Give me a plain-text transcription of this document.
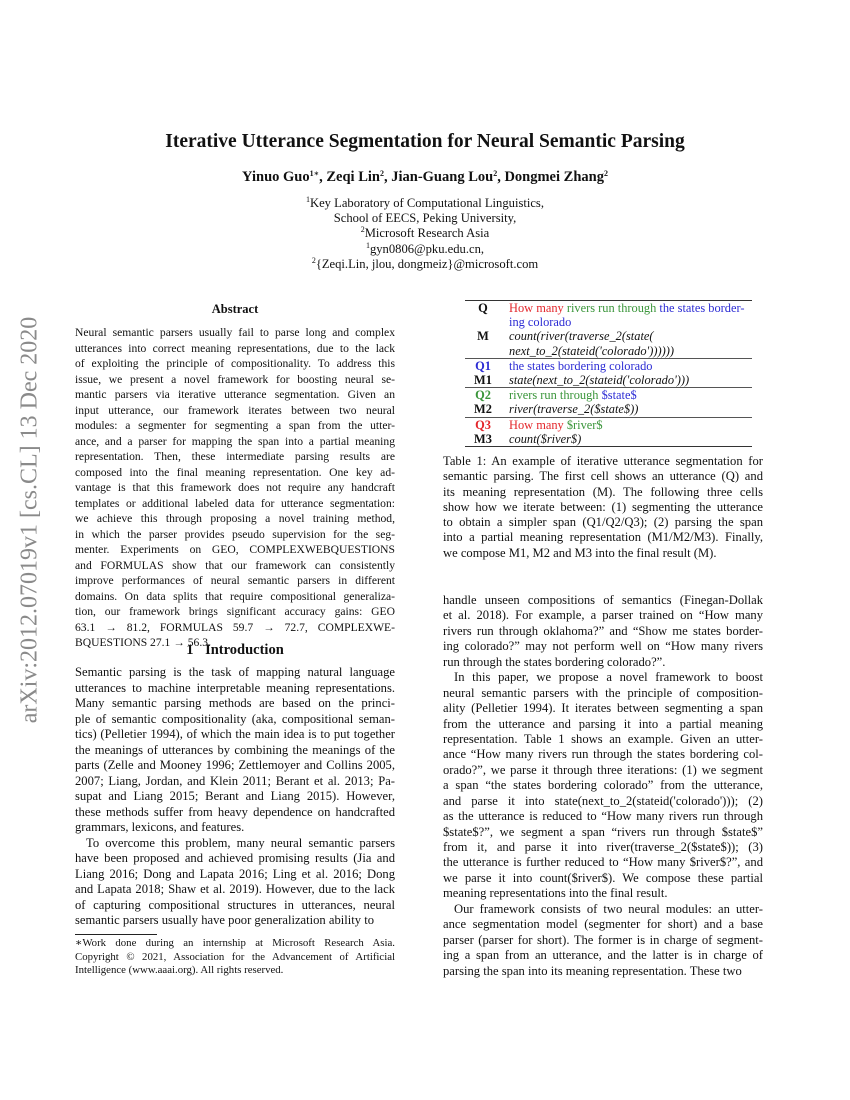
Iterative Utterance Segmentation for Neural Semantic Parsing
Yinuo Guo$^{1∗}$, Zeqi Lin$^2$, Jian-Guang Lou$^2$, Dongmei Zhang$^2$
$^1$Key Laboratory of Computational Linguistics,
School of EECS, Peking University,
$^2$Microsoft Research Asia
$^1$gyn0806@pku.edu.cn,
$^2${Zeqi.Lin, jlou, dongmeiz}@microsoft.com
arXiv:2012.07019v1 [cs.CL] 13 Dec 2020
Abstract
Neural semantic parsers usually fail to parse long and complex
utterances into correct meaning representations, due to the lack
of exploiting the principle of compositionality. To address this
issue, we present a novel framework for boosting neural se-
mantic parsers via iterative utterance segmentation. Given an
input utterance, our framework iterates between two neural
modules: a segmenter for segmenting a span from the utter-
ance, and a parser for mapping the span into a partial meaning
representation. Then, these intermediate parsing results are
composed into the final meaning representation. One key ad-
vantage is that this framework does not require any handcraft
templates or additional labeled data for utterance segmentation:
we achieve this through proposing a novel training method,
in which the parser provides pseudo supervision for the seg-
menter. Experiments on GEO, COMPLEXWEBQUESTIONS
and FORMULAS show that our framework can consistently
improve performances of neural semantic parsers in different
domains. On data splits that require compositional generaliza-
tion, our framework brings significant accuracy gains: GEO
63.1 → 81.2, FORMULAS 59.7 → 72.7, COMPLEXWE-
BQUESTIONS 27.1 → 56.3.
1 Introduction
Semantic parsing is the task of mapping natural language
utterances to machine interpretable meaning representations.
Many semantic parsing methods are based on the princi-
ple of semantic compositionality (aka, compositional seman-
tics) (Pelletier 1994), of which the main idea is to put together
the meanings of utterances by combining the meanings of the
parts (Zelle and Mooney 1996; Zettlemoyer and Collins 2005,
2007; Liang, Jordan, and Klein 2011; Berant et al. 2013; Pa-
supat and Liang 2015; Berant and Liang 2015). However,
these methods suffer from heavy dependence on handcrafted
grammars, lexicons, and features.
To overcome this problem, many neural semantic parsers
have been proposed and achieved promising results (Jia and
Liang 2016; Dong and Lapata 2016; Ling et al. 2016; Dong
and Lapata 2018; Shaw et al. 2019). However, due to the lack
of capturing compositional structures in utterances, neural
semantic parsers usually have poor generalization ability to
∗Work done during an internship at Microsoft Research Asia.
Copyright © 2021, Association for the Advancement of Artificial
Intelligence (www.aaai.org). All rights reserved.
Q	How many rivers run through the states border-
ing colorado
M	count(river(traverse_2(state(
next_to_2(stateid('colorado'))))))
Q1	the states bordering colorado
M1	state(next_to_2(stateid('colorado')))
Q2	rivers run through $state$
M2	river(traverse_2($state$))
Q3	How many $river$
M3	count($river$)
Table 1: An example of iterative utterance segmentation for
semantic parsing. The first cell shows an utterance (Q) and
its meaning representation (M). The following three cells
show how we iterate between: (1) segmenting the utterance
to obtain a simpler span (Q1/Q2/Q3); (2) parsing the span
into a partial meaning representation (M1/M2/M3). Finally,
we compose M1, M2 and M3 into the final result (M).
handle unseen compositions of semantics (Finegan-Dollak
et al. 2018). For example, a parser trained on “How many
rivers run through oklahoma?” and “Show me states border-
ing colorado?” may not perform well on “How many rivers
run through the states bordering colorado?”.
In this paper, we propose a novel framework to boost
neural semantic parsers with the principle of composition-
ality (Pelletier 1994). It iterates between segmenting a span
from the utterance and parsing it into a partial meaning
representation. Table 1 shows an example. Given an utter-
ance “How many rivers run through the states bordering col-
orado?”, we parse it through three iterations: (1) we segment
a span “the states bordering colorado” from the utterance,
and parse it into state(next_to_2(stateid('colorado'))); (2)
as the utterance is reduced to “How many rivers run through
$state$?”, we segment a span “rivers run through $state$”
from it, and parse it into river(traverse_2($state$)); (3)
the utterance is further reduced to “How many $river$?”, and
we parse it into count($river$). We compose these partial
meaning representations into the final result.
Our framework consists of two neural modules: an utter-
ance segmentation model (segmenter for short) and a base
parser (parser for short). The former is in charge of segment-
ing a span from an utterance, and the latter is in charge of
parsing the span into its meaning representation. These two
